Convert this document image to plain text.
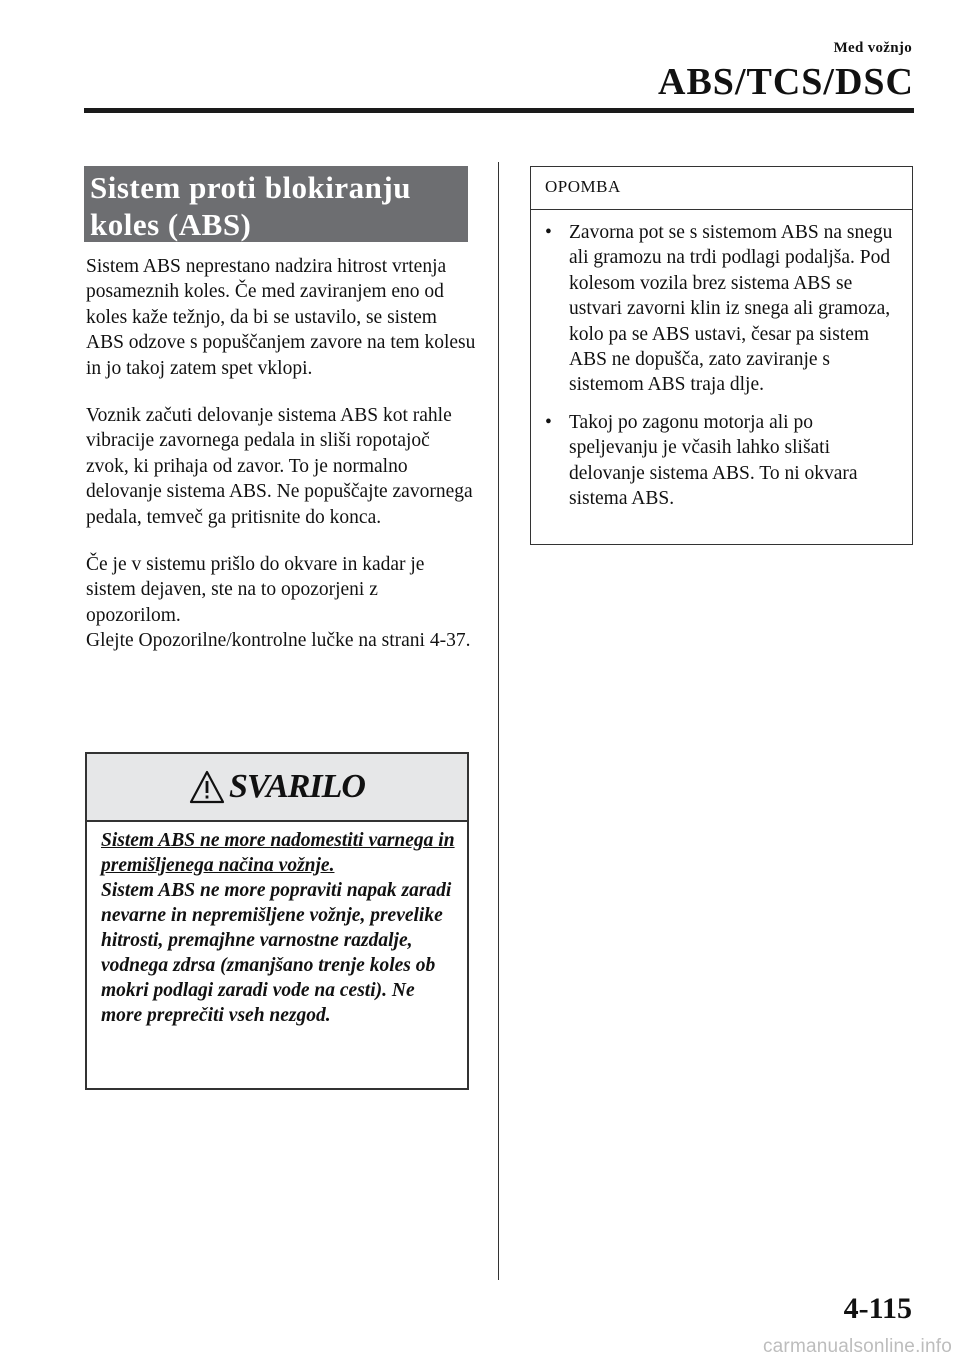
Med vožnjo
ABS/TCS/DSC
Sistem proti blokiranju
koles (ABS)

Sistem ABS neprestano nadzira hitrost vrtenja posameznih koles. Če med zaviranjem eno od koles kaže težnjo, da bi se ustavilo, se sistem ABS odzove s popuščanjem zavore na tem kolesu in jo takoj zatem spet vklopi.

Voznik začuti delovanje sistema ABS kot rahle vibracije zavornega pedala in sliši ropotajoč zvok, ki prihaja od zavor. To je normalno delovanje sistema ABS. Ne popuščajte zavornega pedala, temveč ga pritisnite do konca.

Če je v sistemu prišlo do okvare in kadar je sistem dejaven, ste na to opozorjeni z opozorilom.

Glejte Opozorilne/kontrolne lučke na strani 4-37.

SVARILO
Sistem ABS ne more nadomestiti varnega in premišljenega načina vožnje.
Sistem ABS ne more popraviti napak zaradi nevarne in nepremišljene vožnje, prevelike hitrosti, premajhne varnostne razdalje, vodnega zdrsa (zmanjšano trenje koles ob mokri podlagi zaradi vode na cesti). Ne more preprečiti vseh nezgod.
OPOMBA
• Zavorna pot se s sistemom ABS na snegu ali gramozu na trdi podlagi podaljša. Pod kolesom vozila brez sistema ABS se ustvari zavorni klin iz snega ali gramoza, kolo pa se ABS ustavi, česar pa sistem ABS ne dopušča, zato zaviranje s sistemom ABS traja dlje.
• Takoj po zagonu motorja ali po speljevanju je včasih lahko slišati delovanje sistema ABS. To ni okvara sistema ABS.
4-115
carmanualsonline.info
